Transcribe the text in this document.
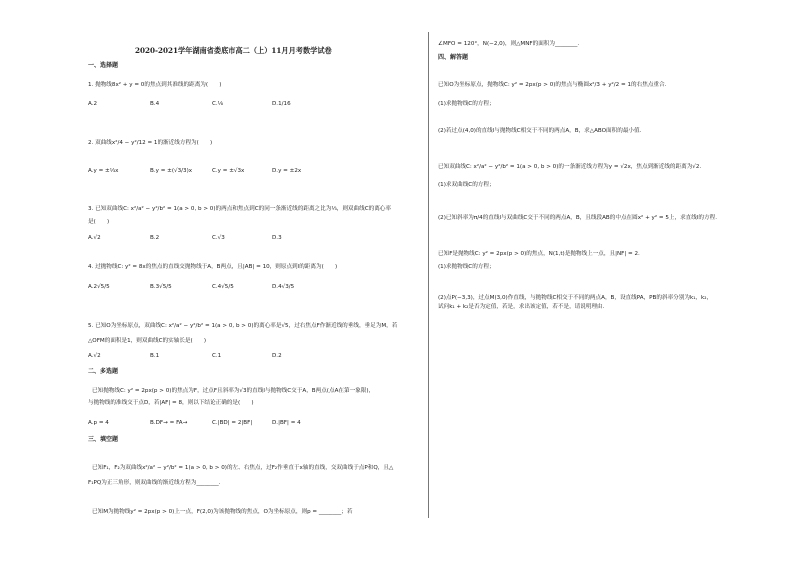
2020-2021学年湖南省娄底市高二（上）11月月考数学试卷
一、选择题
1. 抛物线8x² + y = 0的焦点到其准线的距离为(　　)
A.2	B.4	C.⅛	D.1/16
2. 双曲线x²/4 − y²/12 = 1的渐近线方程为(　　)
A.y = ±⅓x	B.y = ±(√3/3)x	C.y = ±√3x	D.y = ±2x
3. 已知双曲线C: x²/a² − y²/b² = 1(a > 0, b > 0)的两点和焦点到C的同一条渐近线的距离之比为⅓，则双曲线C的离心率
是(　　)
A.√2	B.2	C.√3	D.3
4. 过抛物线C: y² = 8x的焦点的直线交抛物线于A，B两点，且|AB| = 10，则原点到l的距离为(　　)
A.2√5/5	B.3√5/5	C.4√5/5	D.4√3/5
5. 已知O为坐标原点，双曲线C: x²/a² − y²/b² = 1(a > 0, b > 0)的离心率是√5，过右焦点F作渐近线的垂线，垂足为M，若
△OFM的面积是1，则双曲线C的实轴长是(　　)
A.√2	B.1	C.1	D.2
二、多选题
已知抛物线C: y² = 2px(p > 0)的焦点为F，过点F且斜率为√3的直线l与抛物线C交于A，B两点(点A在第一象限)，
与抛物线的准线交于点D，若|AF| = 8，则以下结论正确的是(　　)
A.p = 4	B.DF→ = FA→	C.|BD| = 2|BF|	D.|BF| = 4
三、填空题
已知F₁，F₂为双曲线x²/a² − y²/b² = 1(a > 0, b > 0)的左、右焦点，过F₂作垂直于x轴的直线，交双曲线于点P和Q，且△
F₁PQ为正三角形，则双曲线的渐近线方程为________.
已知M为抛物线y² = 2px(p > 0)上一点，F(2,0)为该抛物线的焦点，O为坐标原点，则p = ________；若
∠MFO = 120°，N(−2,0)，则△MNF的面积为________.
四、解答题
已知O为坐标原点，抛物线C: y² = 2px(p > 0)的焦点与椭圆x²/3 + y²/2 = 1的右焦点重合.
(1)求抛物线C的方程；
(2)若过点(4,0)的直线l与抛物线C相交于不同的两点A，B，求△ABO面积的最小值.
已知双曲线C: x²/a² − y²/b² = 1(a > 0, b > 0)的一条渐近线方程为y = √2x，焦点到渐近线的距离为√2.
(1)求双曲线C的方程；
(2)已知斜率为π/4的直线l与双曲线C交于不同的两点A，B，且线段AB的中点在圆x² + y² = 5上，求直线l的方程.
已知F是抛物线C: y² = 2px(p > 0)的焦点，N(1,t)是抛物线上一点，且|NF| = 2.
(1)求抛物线C的方程；
(2)点P(−3,3)，过点M(3,0)作直线，与抛物线C相交于不同的两点A，B，设直线PA，PB的斜率分别为k₁，k₂，
试问k₁ + k₂是否为定值，若是，求出该定值，若不是，请说明理由.
